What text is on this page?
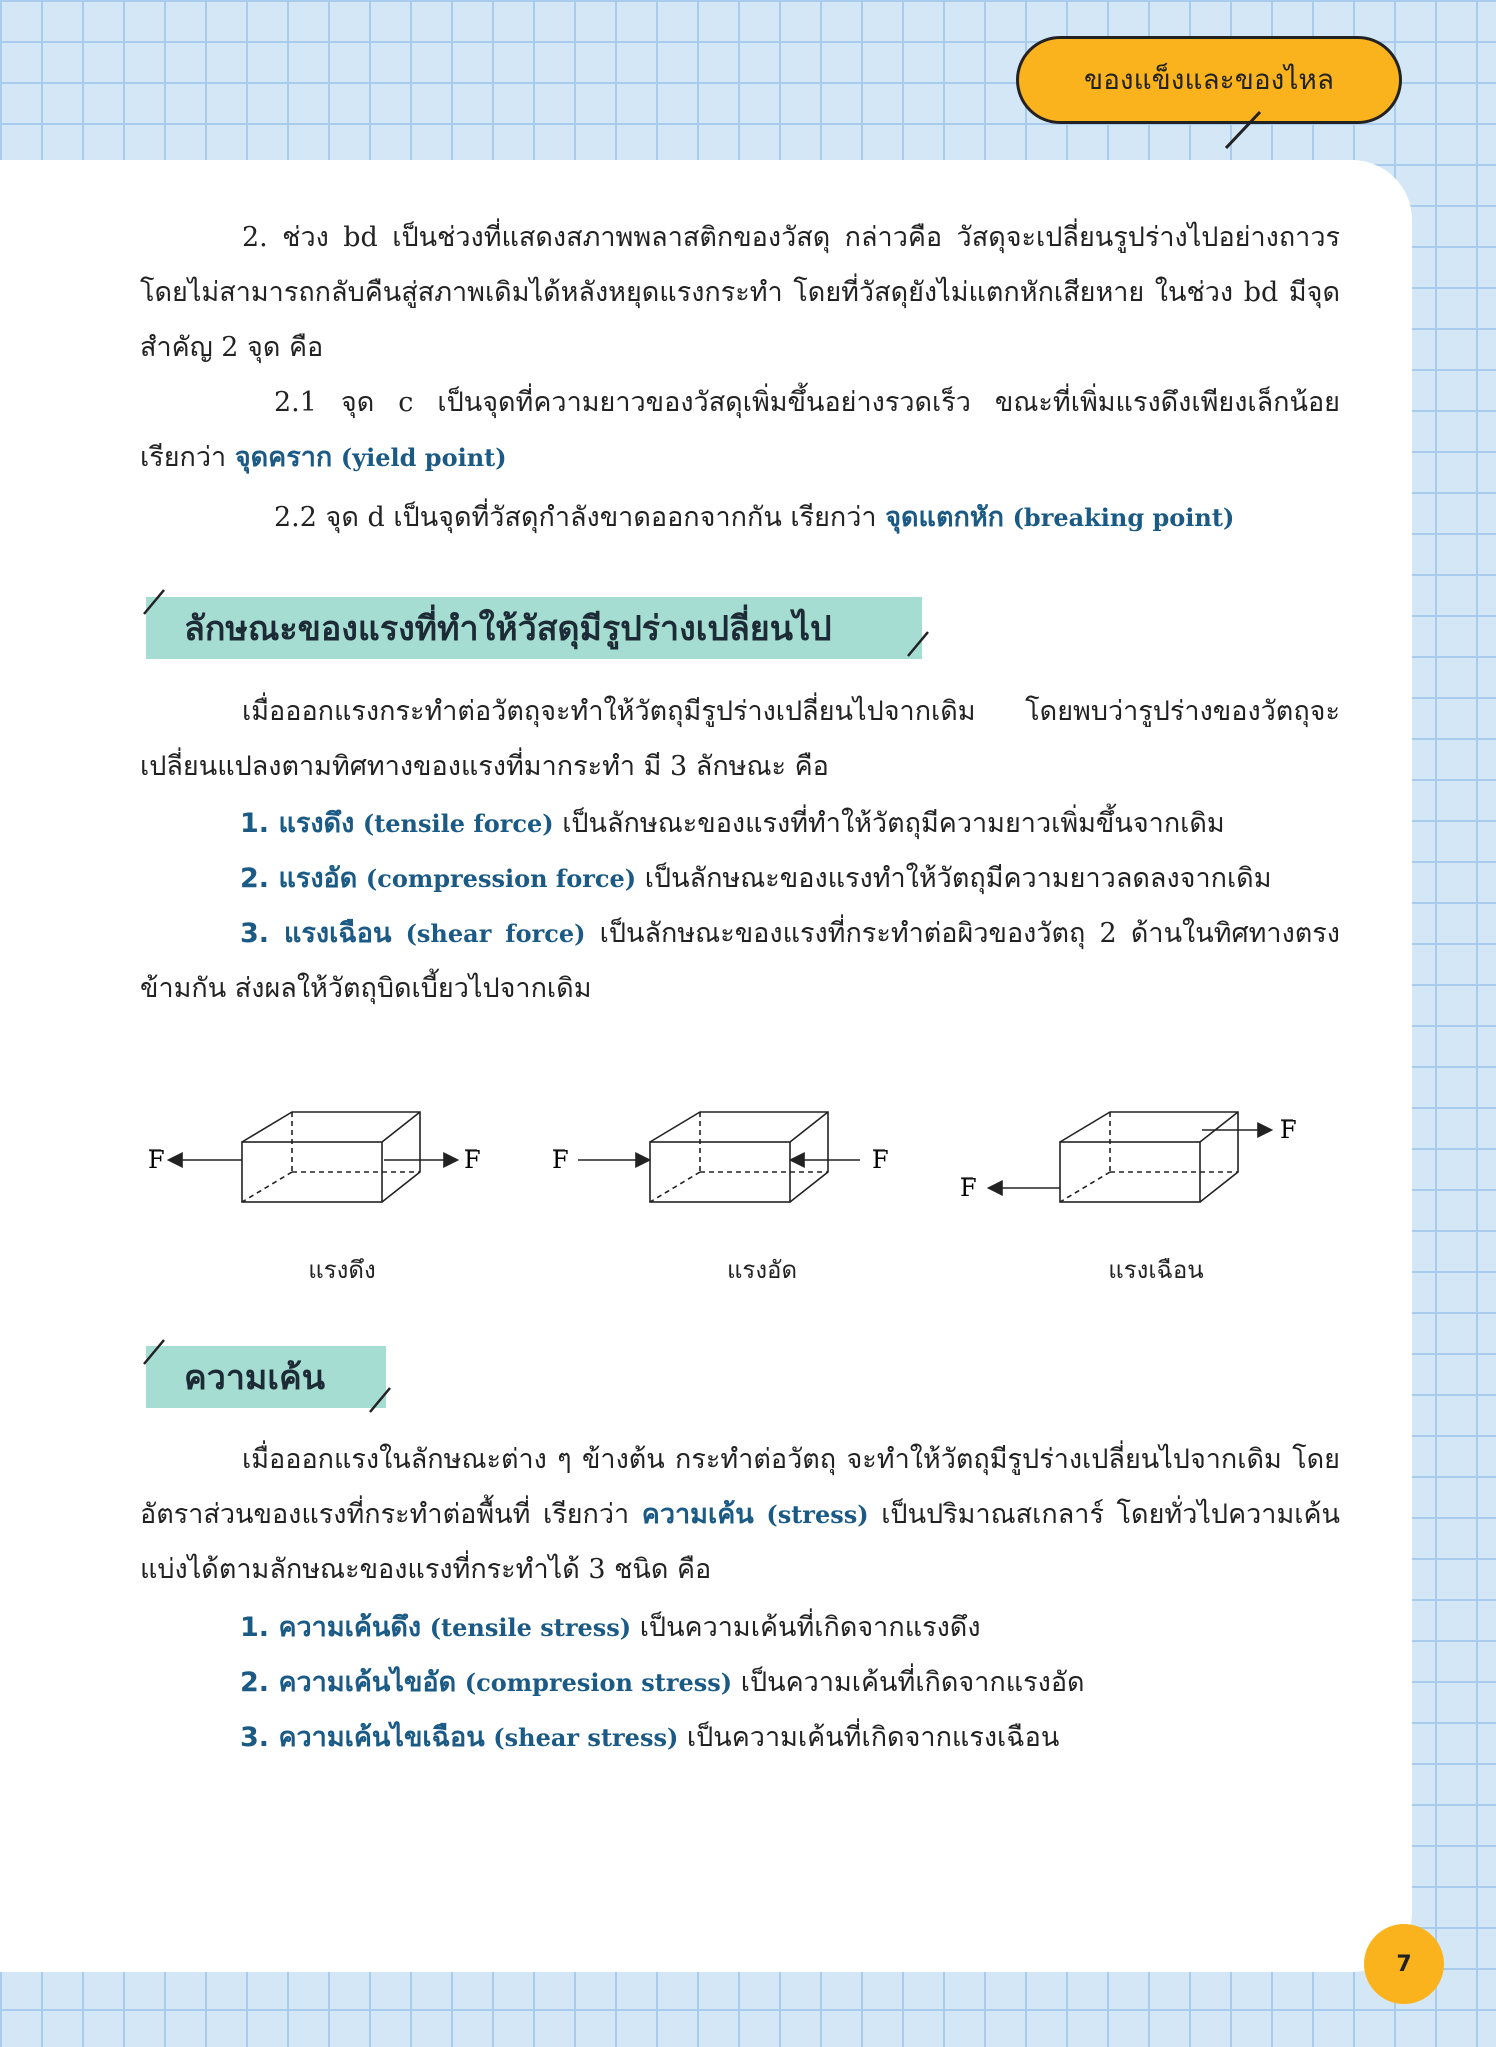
ของแข็งและของไหล

2. ช่วง bd เป็นช่วงที่แสดงสภาพพลาสติกของวัสดุ กล่าวคือ วัสดุจะเปลี่ยนรูปร่างไปอย่างถาวร โดยไม่สามารถกลับคืนสู่สภาพเดิมได้หลังหยุดแรงกระทำ โดยที่วัสดุยังไม่แตกหักเสียหาย ในช่วง bd มีจุดสำคัญ 2 จุด คือ

2.1 จุด c เป็นจุดที่ความยาวของวัสดุเพิ่มขึ้นอย่างรวดเร็ว ขณะที่เพิ่มแรงดึงเพียงเล็กน้อย เรียกว่า จุดคราก (yield point)

2.2 จุด d เป็นจุดที่วัสดุกำลังขาดออกจากกัน เรียกว่า จุดแตกหัก (breaking point)

ลักษณะของแรงที่ทำให้วัสดุมีรูปร่างเปลี่ยนไป

เมื่อออกแรงกระทำต่อวัตถุจะทำให้วัตถุมีรูปร่างเปลี่ยนไปจากเดิม โดยพบว่ารูปร่างของวัตถุจะเปลี่ยนแปลงตามทิศทางของแรงที่มากระทำ มี 3 ลักษณะ คือ

1. แรงดึง (tensile force) เป็นลักษณะของแรงที่ทำให้วัตถุมีความยาวเพิ่มขึ้นจากเดิม

2. แรงอัด (compression force) เป็นลักษณะของแรงทำให้วัตถุมีความยาวลดลงจากเดิม

3. แรงเฉือน (shear force) เป็นลักษณะของแรงที่กระทำต่อผิวของวัตถุ 2 ด้านในทิศทางตรงข้ามกัน ส่งผลให้วัตถุบิดเบี้ยวไปจากเดิม

F	F	F	F
F
F
แรงดึง	แรงอัด	แรงเฉือน
ความเค้น

เมื่อออกแรงในลักษณะต่าง ๆ ข้างต้น กระทำต่อวัตถุ จะทำให้วัตถุมีรูปร่างเปลี่ยนไปจากเดิม โดยอัตราส่วนของแรงที่กระทำต่อพื้นที่ เรียกว่า ความเค้น (stress) เป็นปริมาณสเกลาร์ โดยทั่วไปความเค้นแบ่งได้ตามลักษณะของแรงที่กระทำได้ 3 ชนิด คือ

1. ความเค้นดึง (tensile stress) เป็นความเค้นที่เกิดจากแรงดึง

2. ความเค้นไขอัด (compresion stress) เป็นความเค้นที่เกิดจากแรงอัด

3. ความเค้นไขเฉือน (shear stress) เป็นความเค้นที่เกิดจากแรงเฉือน

7
